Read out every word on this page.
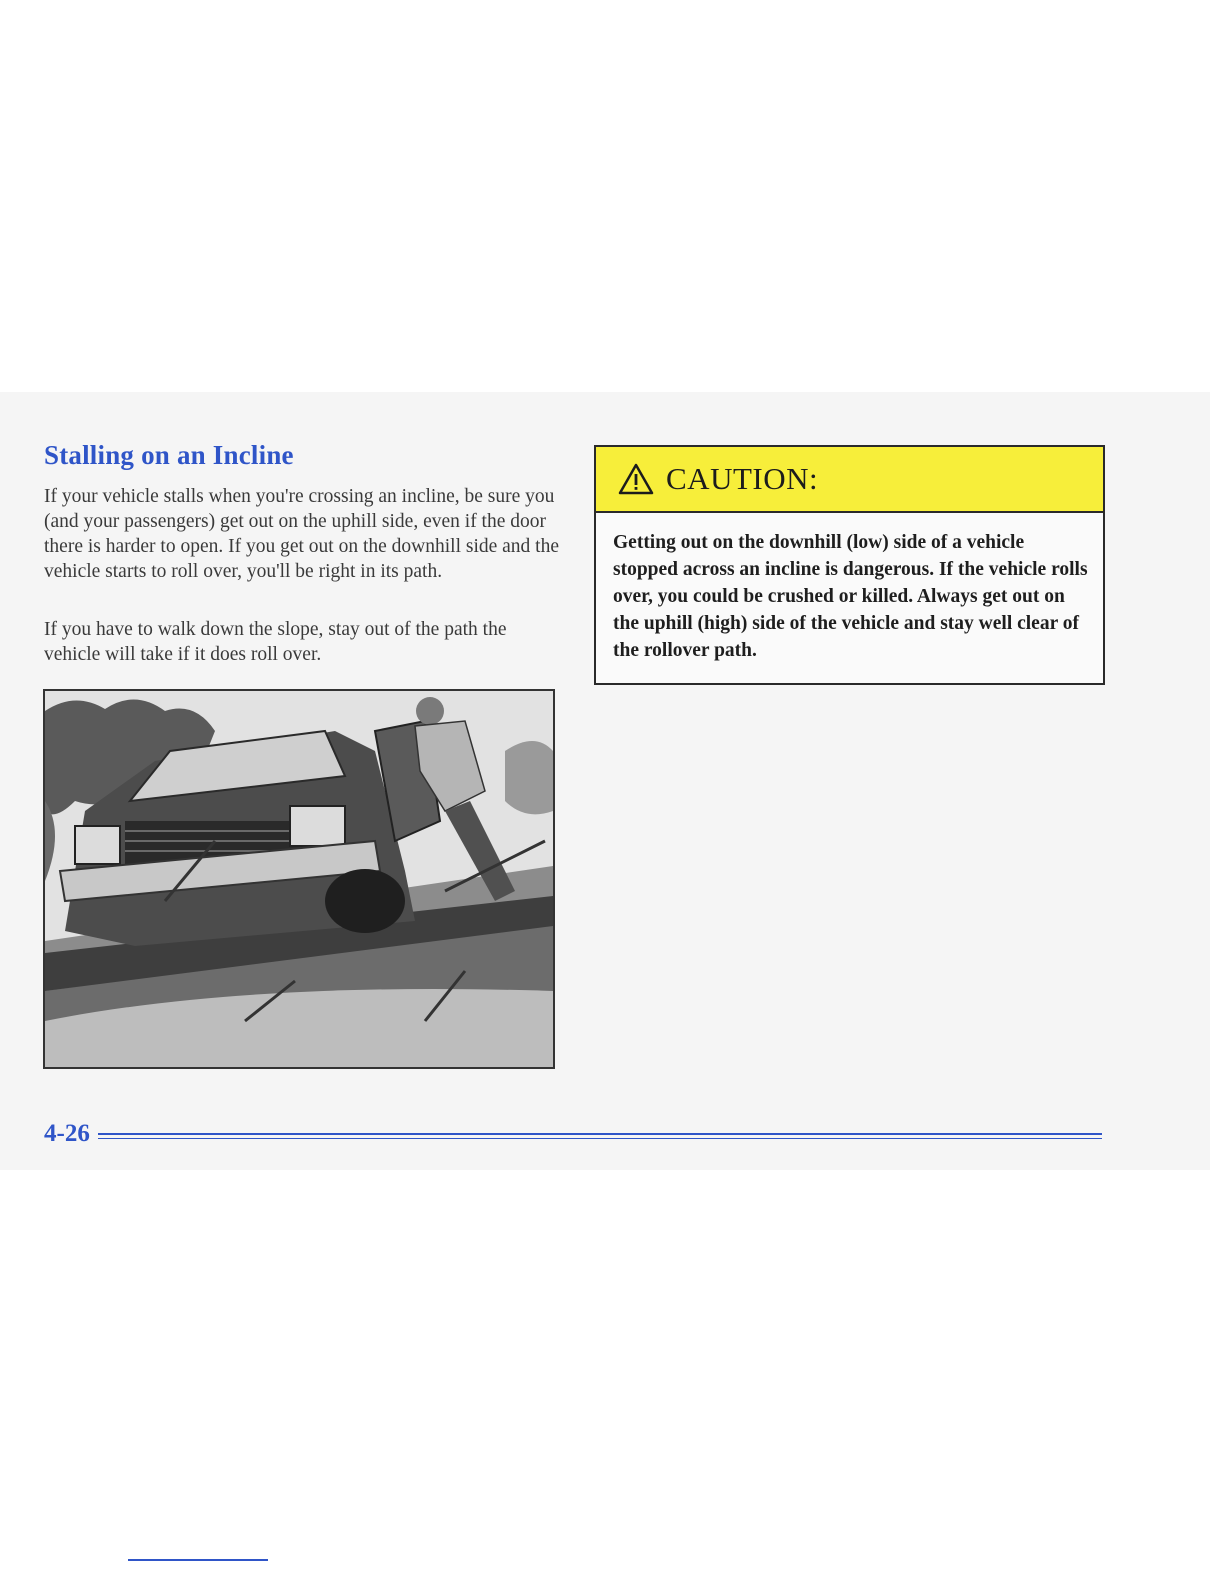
Stalling on an Incline

If your vehicle stalls when you're crossing an incline, be sure you (and your passengers) get out on the uphill side, even if the door there is harder to open. If you get out on the downhill side and the vehicle starts to roll over, you'll be right in its path.

If you have to walk down the slope, stay out of the path the vehicle will take if it does roll over.

CAUTION:

Getting out on the downhill (low) side of a vehicle stopped across an incline is dangerous. If the vehicle rolls over, you could be crushed or killed. Always get out on the uphill (high) side of the vehicle and stay well clear of the rollover path.

4-26
